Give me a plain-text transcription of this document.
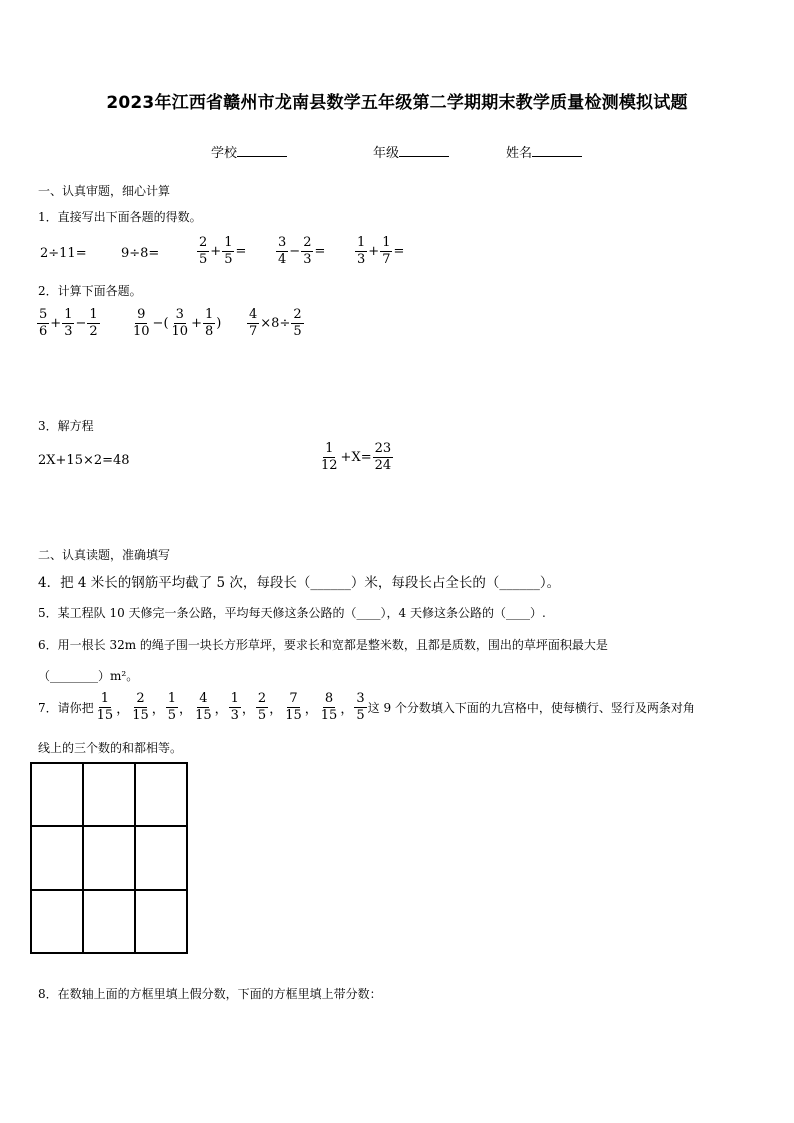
2023年江西省赣州市龙南县数学五年级第二学期期末教学质量检测模拟试题
学校	年级	姓名
一、认真审题，细心计算
1．直接写出下面各题的得数。
2÷11=	9÷8=	$\frac{2}{5} + \frac{1}{5} = \frac{3}{4} - \frac{2}{3} = \frac{1}{3} + \frac{1}{7}$ =
2．计算下面各题。
$\frac{5}{6} + \frac{1}{3} - \frac{1}{2} \frac{9}{10}$ −( $\frac{3}{10} + \frac{1}{8}$ ) $\frac{4}{7} \times 8\div \frac{2}{5}$
3．解方程
2X+15×2=48	$\frac{1}{12} +X= \frac{23}{24}$
二、认真读题，准确填写
4．把 4 米长的钢筋平均截了 5 次，每段长（______）米，每段长占全长的（______）。
5．某工程队 10 天修完一条公路，平均每天修这条公路的（____），4 天修这条公路的（____）.
6．用一根长 32m 的绳子围一块长方形草坪，要求长和宽都是整米数，且都是质数，围出的草坪面积最大是
（________）m²。
7．请你把 $\frac{1}{15}$ ， $\frac{2}{15}$ ， $\frac{1}{5}$ ， $\frac{4}{15}$ ， $\frac{1}{3}$ ， $\frac{2}{5}$ ， $\frac{7}{15}$ ， $\frac{8}{15}$ ， $\frac{3}{5}$ 这 9 个分数填入下面的九宫格中，使每横行、竖行及两条对角
线上的三个数的和都相等。
8．在数轴上面的方框里填上假分数，下面的方框里填上带分数：
